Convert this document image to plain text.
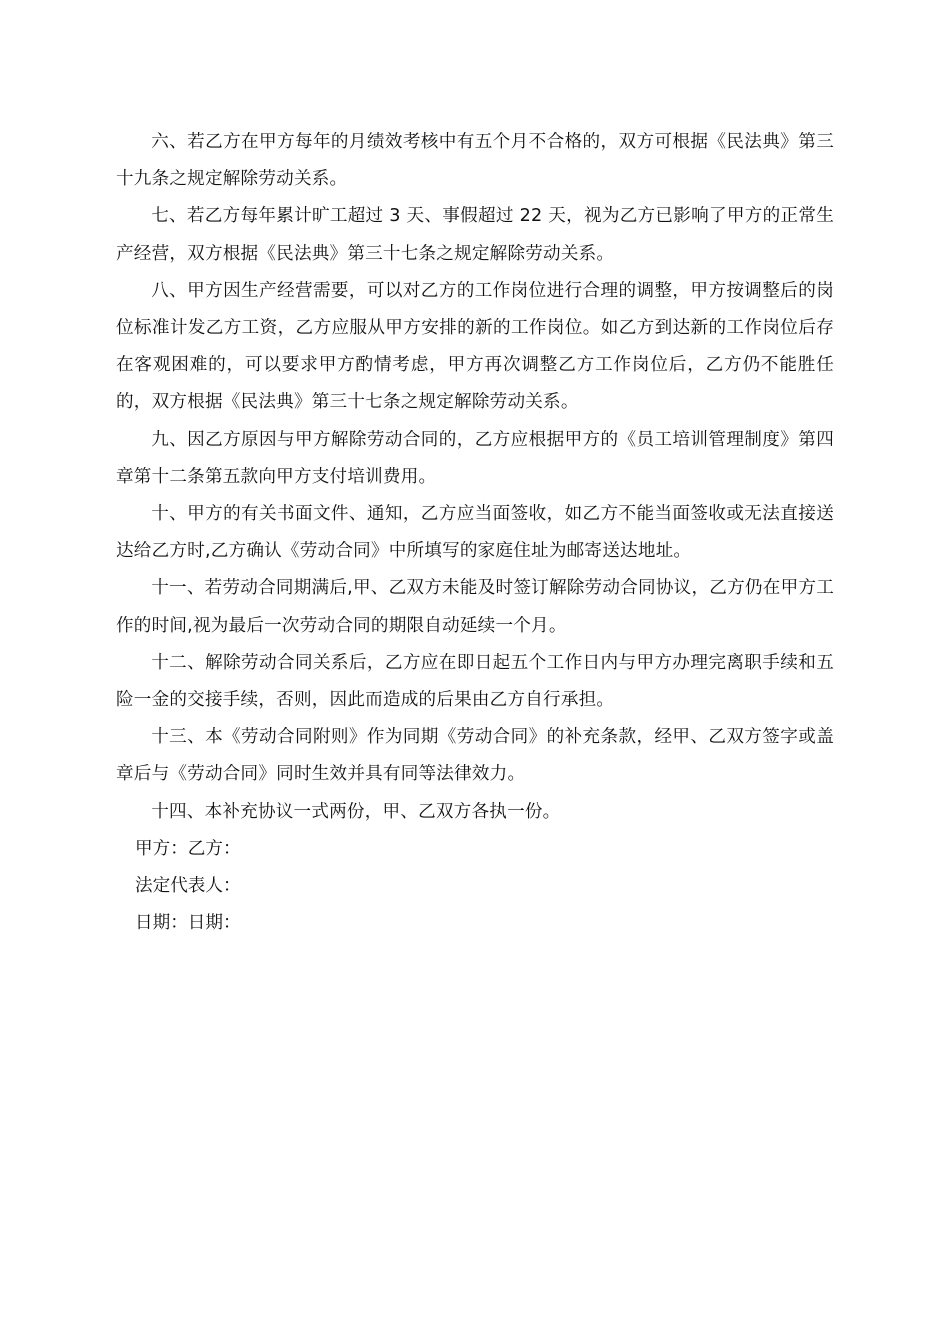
六、若乙方在甲方每年的月绩效考核中有五个月不合格的，双方可根据《民法典》第三十九条之规定解除劳动关系。

七、若乙方每年累计旷工超过 3 天、事假超过 22 天，视为乙方已影响了甲方的正常生产经营，双方根据《民法典》第三十七条之规定解除劳动关系。

八、甲方因生产经营需要，可以对乙方的工作岗位进行合理的调整，甲方按调整后的岗位标准计发乙方工资，乙方应服从甲方安排的新的工作岗位。如乙方到达新的工作岗位后存在客观困难的，可以要求甲方酌情考虑，甲方再次调整乙方工作岗位后，乙方仍不能胜任的，双方根据《民法典》第三十七条之规定解除劳动关系。

九、因乙方原因与甲方解除劳动合同的，乙方应根据甲方的《员工培训管理制度》第四章第十二条第五款向甲方支付培训费用。

十、甲方的有关书面文件、通知，乙方应当面签收，如乙方不能当面签收或无法直接送达给乙方时,乙方确认《劳动合同》中所填写的家庭住址为邮寄送达地址。

十一、若劳动合同期满后,甲、乙双方未能及时签订解除劳动合同协议，乙方仍在甲方工作的时间,视为最后一次劳动合同的期限自动延续一个月。

十二、解除劳动合同关系后，乙方应在即日起五个工作日内与甲方办理完离职手续和五险一金的交接手续，否则，因此而造成的后果由乙方自行承担。

十三、本《劳动合同附则》作为同期《劳动合同》的补充条款，经甲、乙双方签字或盖章后与《劳动合同》同时生效并具有同等法律效力。

十四、本补充协议一式两份，甲、乙双方各执一份。

甲方：乙方：

法定代表人：

日期：日期：
